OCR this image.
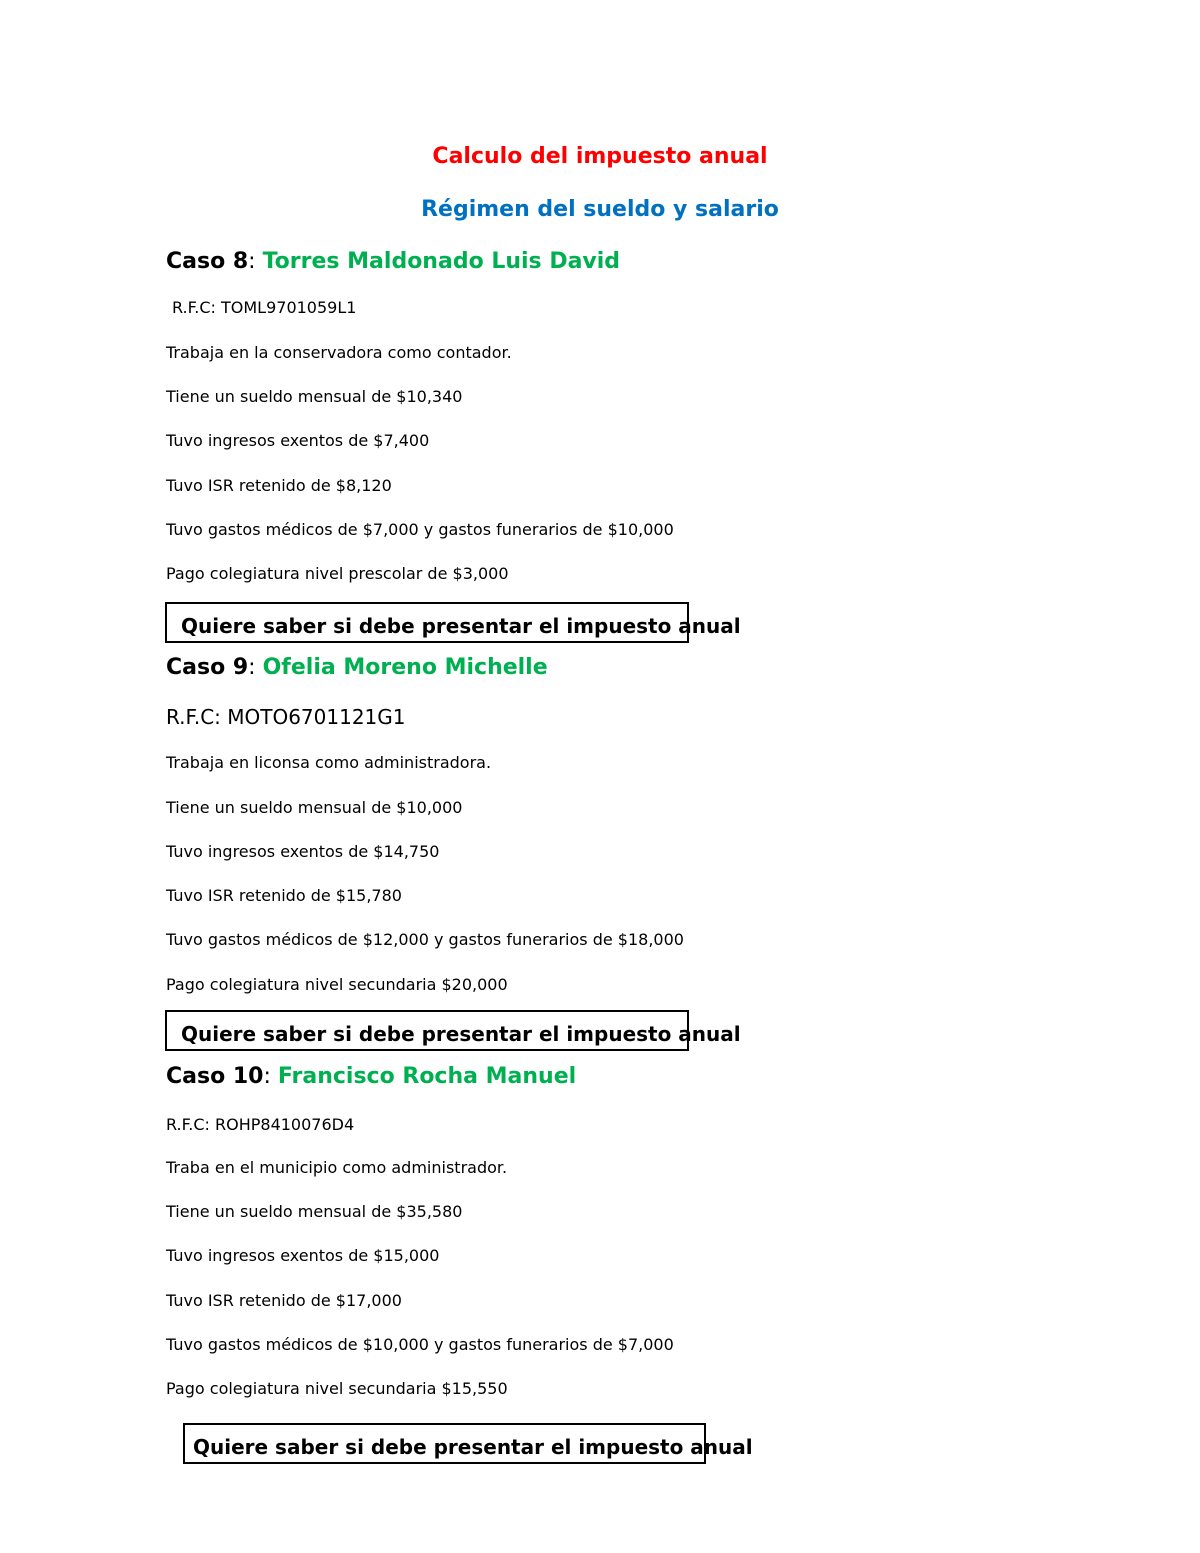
Calculo del impuesto anual
Régimen del sueldo y salario
Caso 8: Torres Maldonado Luis David
R.F.C: TOML9701059L1
Trabaja en la conservadora como contador.
Tiene un sueldo mensual de $10,340
Tuvo ingresos exentos de $7,400
Tuvo ISR retenido de $8,120
Tuvo gastos médicos de $7,000 y gastos funerarios de $10,000
Pago colegiatura nivel prescolar de $3,000
Quiere saber si debe presentar el impuesto anual
Caso 9: Ofelia Moreno Michelle
R.F.C: MOTO6701121G1
Trabaja en liconsa como administradora.
Tiene un sueldo mensual de $10,000
Tuvo ingresos exentos de $14,750
Tuvo ISR retenido de $15,780
Tuvo gastos médicos de $12,000 y gastos funerarios de $18,000
Pago colegiatura nivel secundaria $20,000
Quiere saber si debe presentar el impuesto anual
Caso 10: Francisco Rocha Manuel
R.F.C: ROHP8410076D4
Traba en el municipio como administrador.
Tiene un sueldo mensual de $35,580
Tuvo ingresos exentos de $15,000
Tuvo ISR retenido de $17,000
Tuvo gastos médicos de $10,000 y gastos funerarios de $7,000
Pago colegiatura nivel secundaria $15,550
Quiere saber si debe presentar el impuesto anual
